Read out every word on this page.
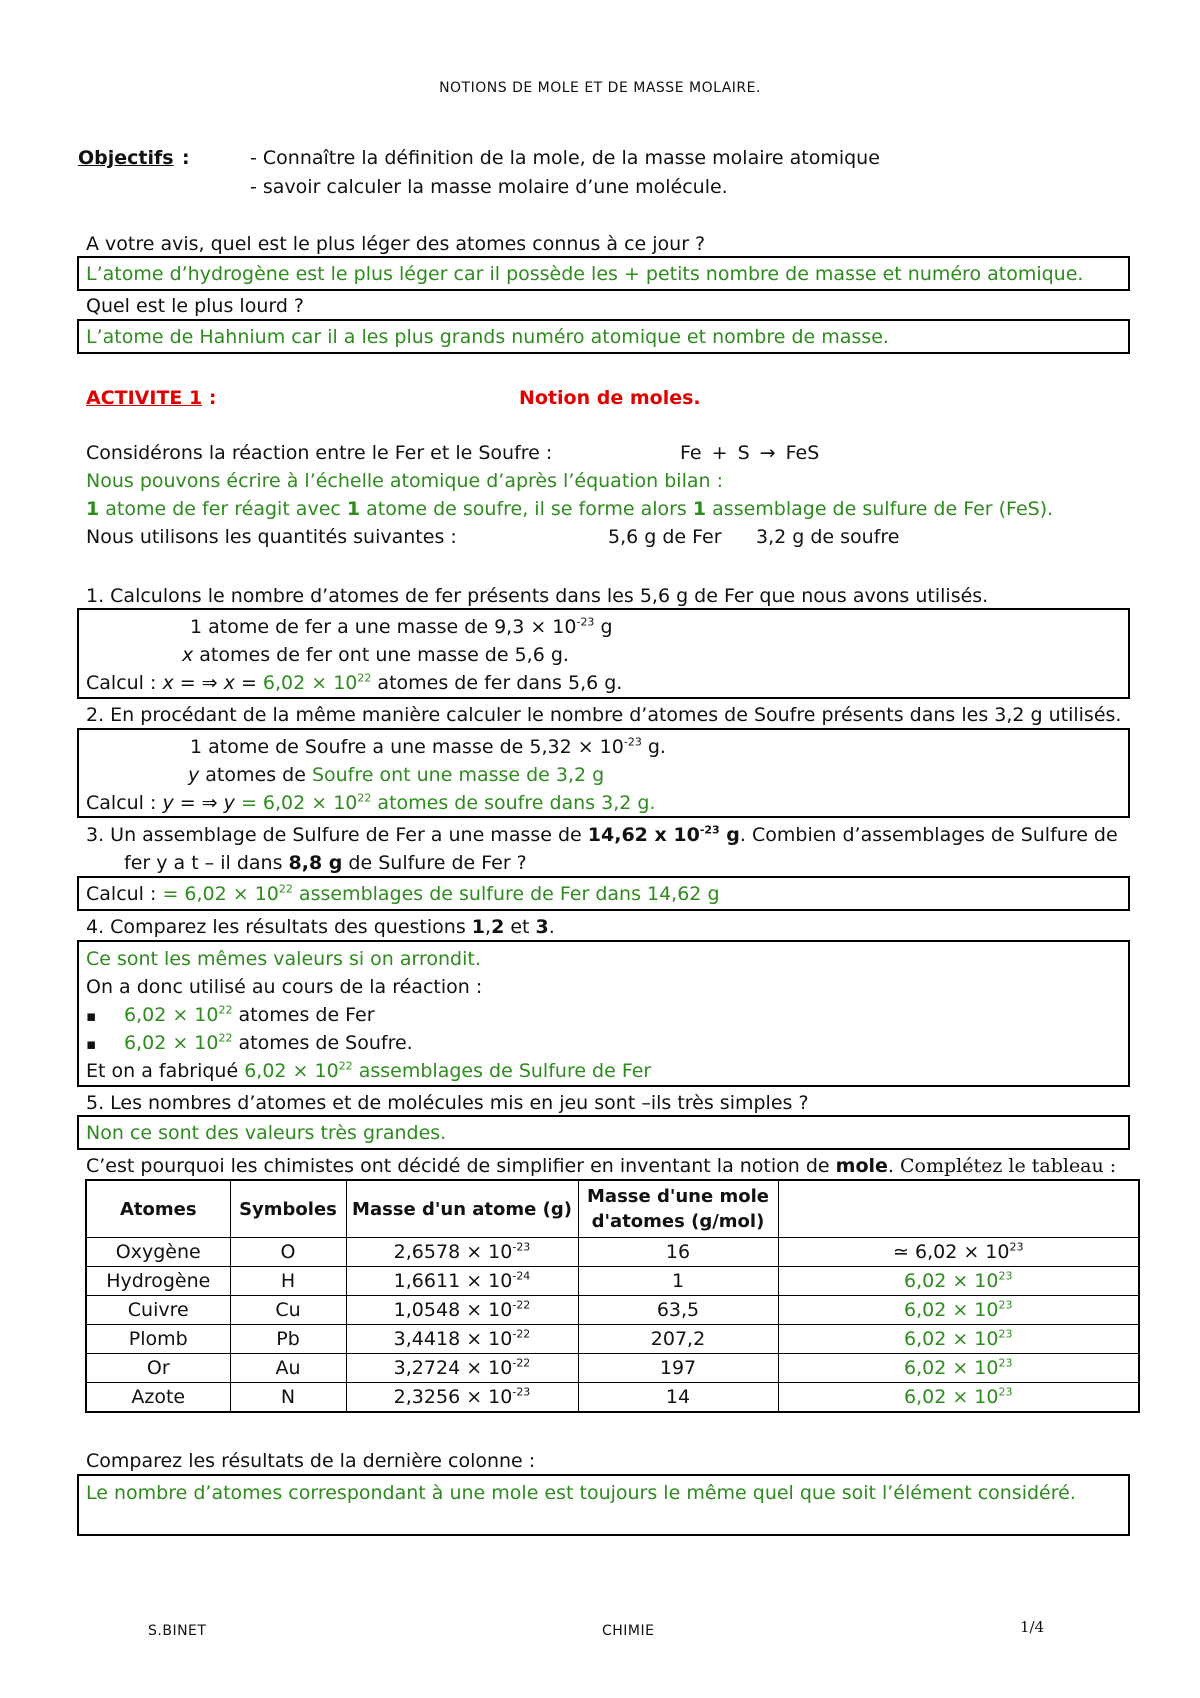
NOTIONS DE MOLE ET DE MASSE MOLAIRE.
Objectifs :	- Connaître la définition de la mole, de la masse molaire atomique
- savoir calculer la masse molaire d’une molécule.
A votre avis, quel est le plus léger des atomes connus à ce jour ?
L’atome d’hydrogène est le plus léger car il possède les + petits nombre de masse et numéro atomique.
Quel est le plus lourd ?
L’atome de Hahnium car il a les plus grands numéro atomique et nombre de masse.
ACTIVITE 1 :	Notion de moles.
Considérons la réaction entre le Fer et le Soufre :	Fe + S → FeS
Nous pouvons écrire à l’échelle atomique d’après l’équation bilan :
1 atome de fer réagit avec 1 atome de soufre, il se forme alors 1 assemblage de sulfure de Fer (FeS).
Nous utilisons les quantités suivantes :	5,6 g de Fer 3,2 g de soufre
1. Calculons le nombre d’atomes de fer présents dans les 5,6 g de Fer que nous avons utilisés.
1 atome de fer a une masse de $9,3 \times 10^{-23}$ g
x atomes de fer ont une masse de 5,6 g.
Calcul : x = ⇒ $x = 6,02 \times 10^{22}$ atomes de fer dans 5,6 g.
2. En procédant de la même manière calculer le nombre d’atomes de Soufre présents dans les 3,2 g utilisés.
1 atome de Soufre a une masse de $5,32 \times 10^{-23}$ g.
y atomes de Soufre ont une masse de 3,2 g
Calcul : y = ⇒ $y = 6,02 \times 10^{22}$ atomes de soufre dans 3,2 g.
3. Un assemblage de Sulfure de Fer a une masse de 14,62 x $10^{-23}$ g. Combien d’assemblages de Sulfure de
fer y a t – il dans 8,8 g de Sulfure de Fer ?
Calcul : = $6,02 \times 10^{22}$ assemblages de sulfure de Fer dans 14,62 g
4. Comparez les résultats des questions 1,2 et 3.
Ce sont les mêmes valeurs si on arrondit.
On a donc utilisé au cours de la réaction :
▪ $6,02 \times 10^{22}$ atomes de Fer
▪ $6,02 \times 10^{22}$ atomes de Soufre.
Et on a fabriqué $6,02 \times 10^{22}$ assemblages de Sulfure de Fer
5. Les nombres d’atomes et de molécules mis en jeu sont –ils très simples ?
Non ce sont des valeurs très grandes.
C’est pourquoi les chimistes ont décidé de simplifier en inventant la notion de mole. Complétez le tableau :
Atomes	Symboles	Masse d'un atome (g)	Masse d'une mole d'atomes (g/mol)	
Oxygène	O	$2,6578 \times 10^{-23}$	16	≃ $6,02 \times 10^{23}$
Hydrogène	H	$1,6611 \times 10^{-24}$	1	$6,02 \times 10^{23}$
Cuivre	Cu	$1,0548 \times 10^{-22}$	63,5	$6,02 \times 10^{23}$
Plomb	Pb	$3,4418 \times 10^{-22}$	207,2	$6,02 \times 10^{23}$
Or	Au	$3,2724 \times 10^{-22}$	197	$6,02 \times 10^{23}$
Azote	N	$2,3256 \times 10^{-23}$	14	$6,02 \times 10^{23}$
Comparez les résultats de la dernière colonne :
Le nombre d’atomes correspondant à une mole est toujours le même quel que soit l’élément considéré.
S.BINET	CHIMIE	1/4
